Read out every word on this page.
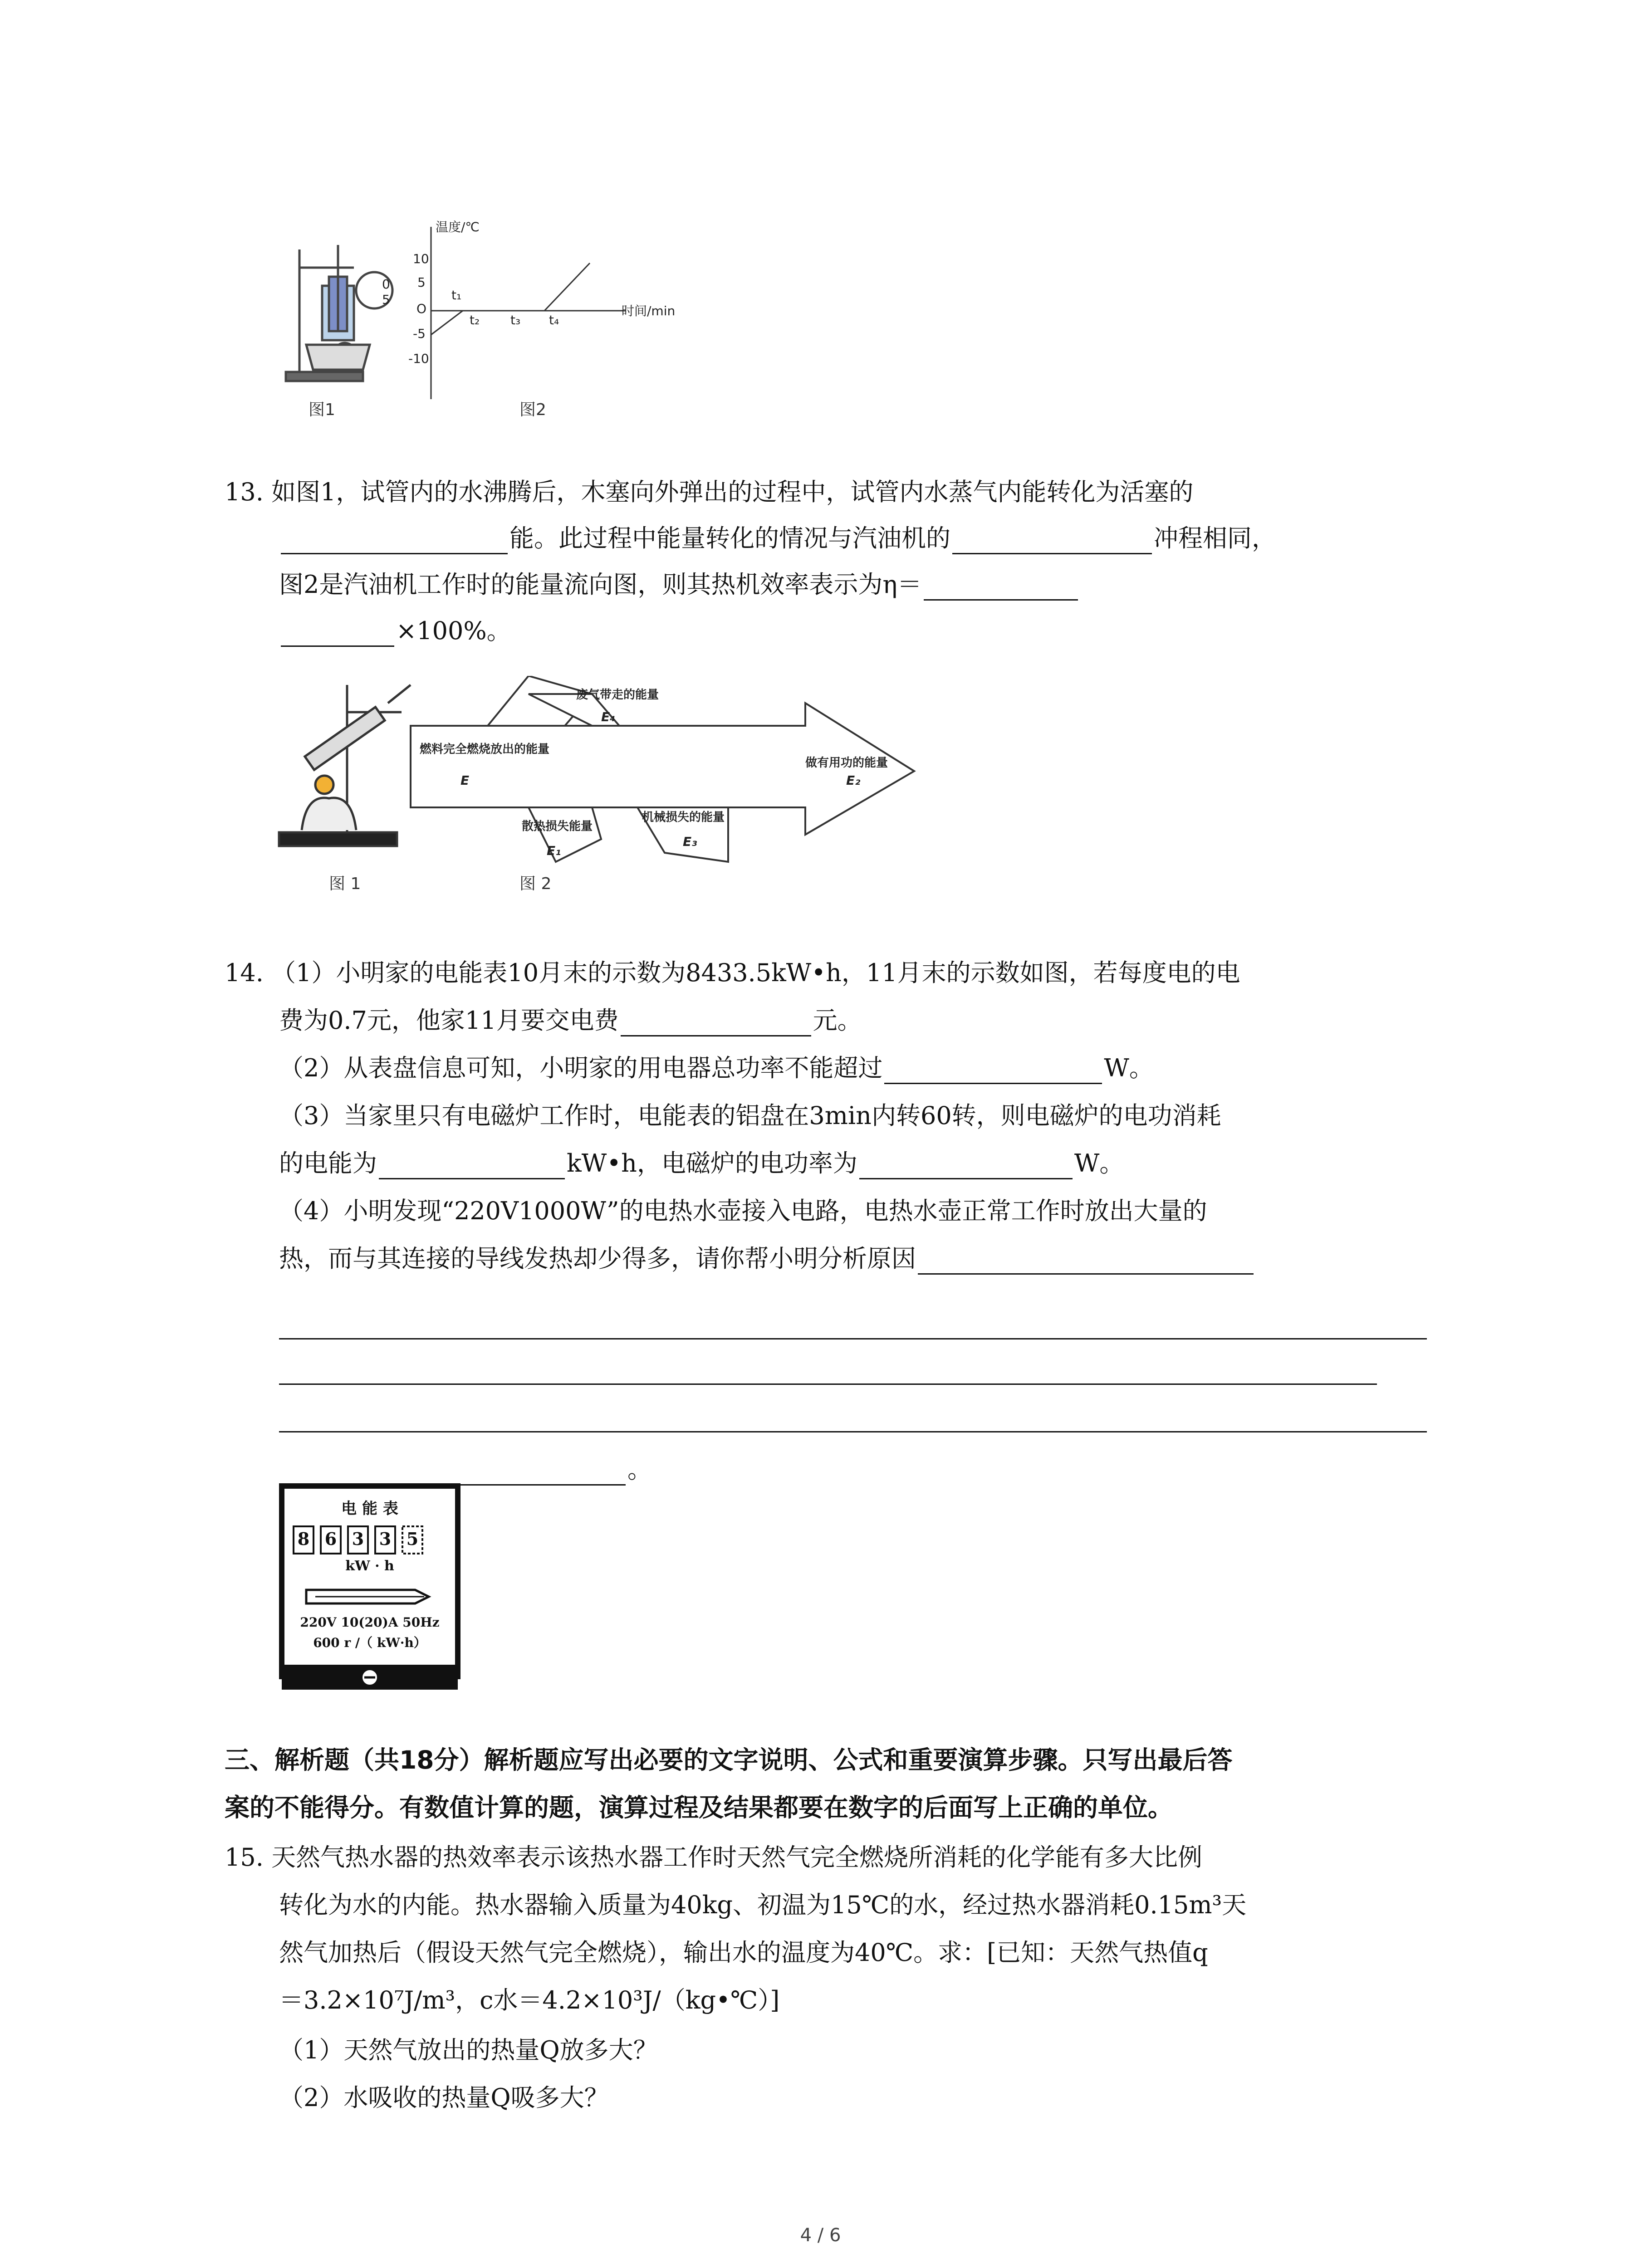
0
5
温度/℃
时间/min
10
5
O
-5
-10
t₁
t₂ t₃ t₄
图1	图2
13. 如图1，试管内的水沸腾后，木塞向外弹出的过程中，试管内水蒸气内能转化为活塞的
能。此过程中能量转化的情况与汽油机的	冲程相同，
图2是汽油机工作时的能量流向图，则其热机效率表示为η＝
×100%。
燃料完全燃烧放出的能量
E
废气带走的能量
E₄
散热损失能量
E₁
机械损失的能量
E₃
做有用功的能量
E₂
图 1	图 2
14. （1）小明家的电能表10月末的示数为8433.5kW•h，11月末的示数如图，若每度电的电
费为0.7元，他家11月要交电费	元。
（2）从表盘信息可知，小明家的用电器总功率不能超过	W。
（3）当家里只有电磁炉工作时，电能表的铝盘在3min内转60转，则电磁炉的电功消耗
的电能为	kW•h，电磁炉的电功率为	W。
（4）小明发现“220V1000W”的电热水壶接入电路，电热水壶正常工作时放出大量的
热，而与其连接的导线发热却少得多，请你帮小明分析原因
。
电 能 表
8 6 3 3 5
kW · h
220V 10(20)A 50Hz
600 r /（ kW·h）
三、解析题（共18分）解析题应写出必要的文字说明、公式和重要演算步骤。只写出最后答
案的不能得分。有数值计算的题，演算过程及结果都要在数字的后面写上正确的单位。
15. 天然气热水器的热效率表示该热水器工作时天然气完全燃烧所消耗的化学能有多大比例
转化为水的内能。热水器输入质量为40kg、初温为15℃的水，经过热水器消耗0.15m³天
然气加热后（假设天然气完全燃烧），输出水的温度为40℃。求：[已知：天然气热值q
＝3.2×10⁷J/m³，c水＝4.2×10³J/（kg•℃）]
（1）天然气放出的热量Q放多大？
（2）水吸收的热量Q吸多大？
4 / 6
